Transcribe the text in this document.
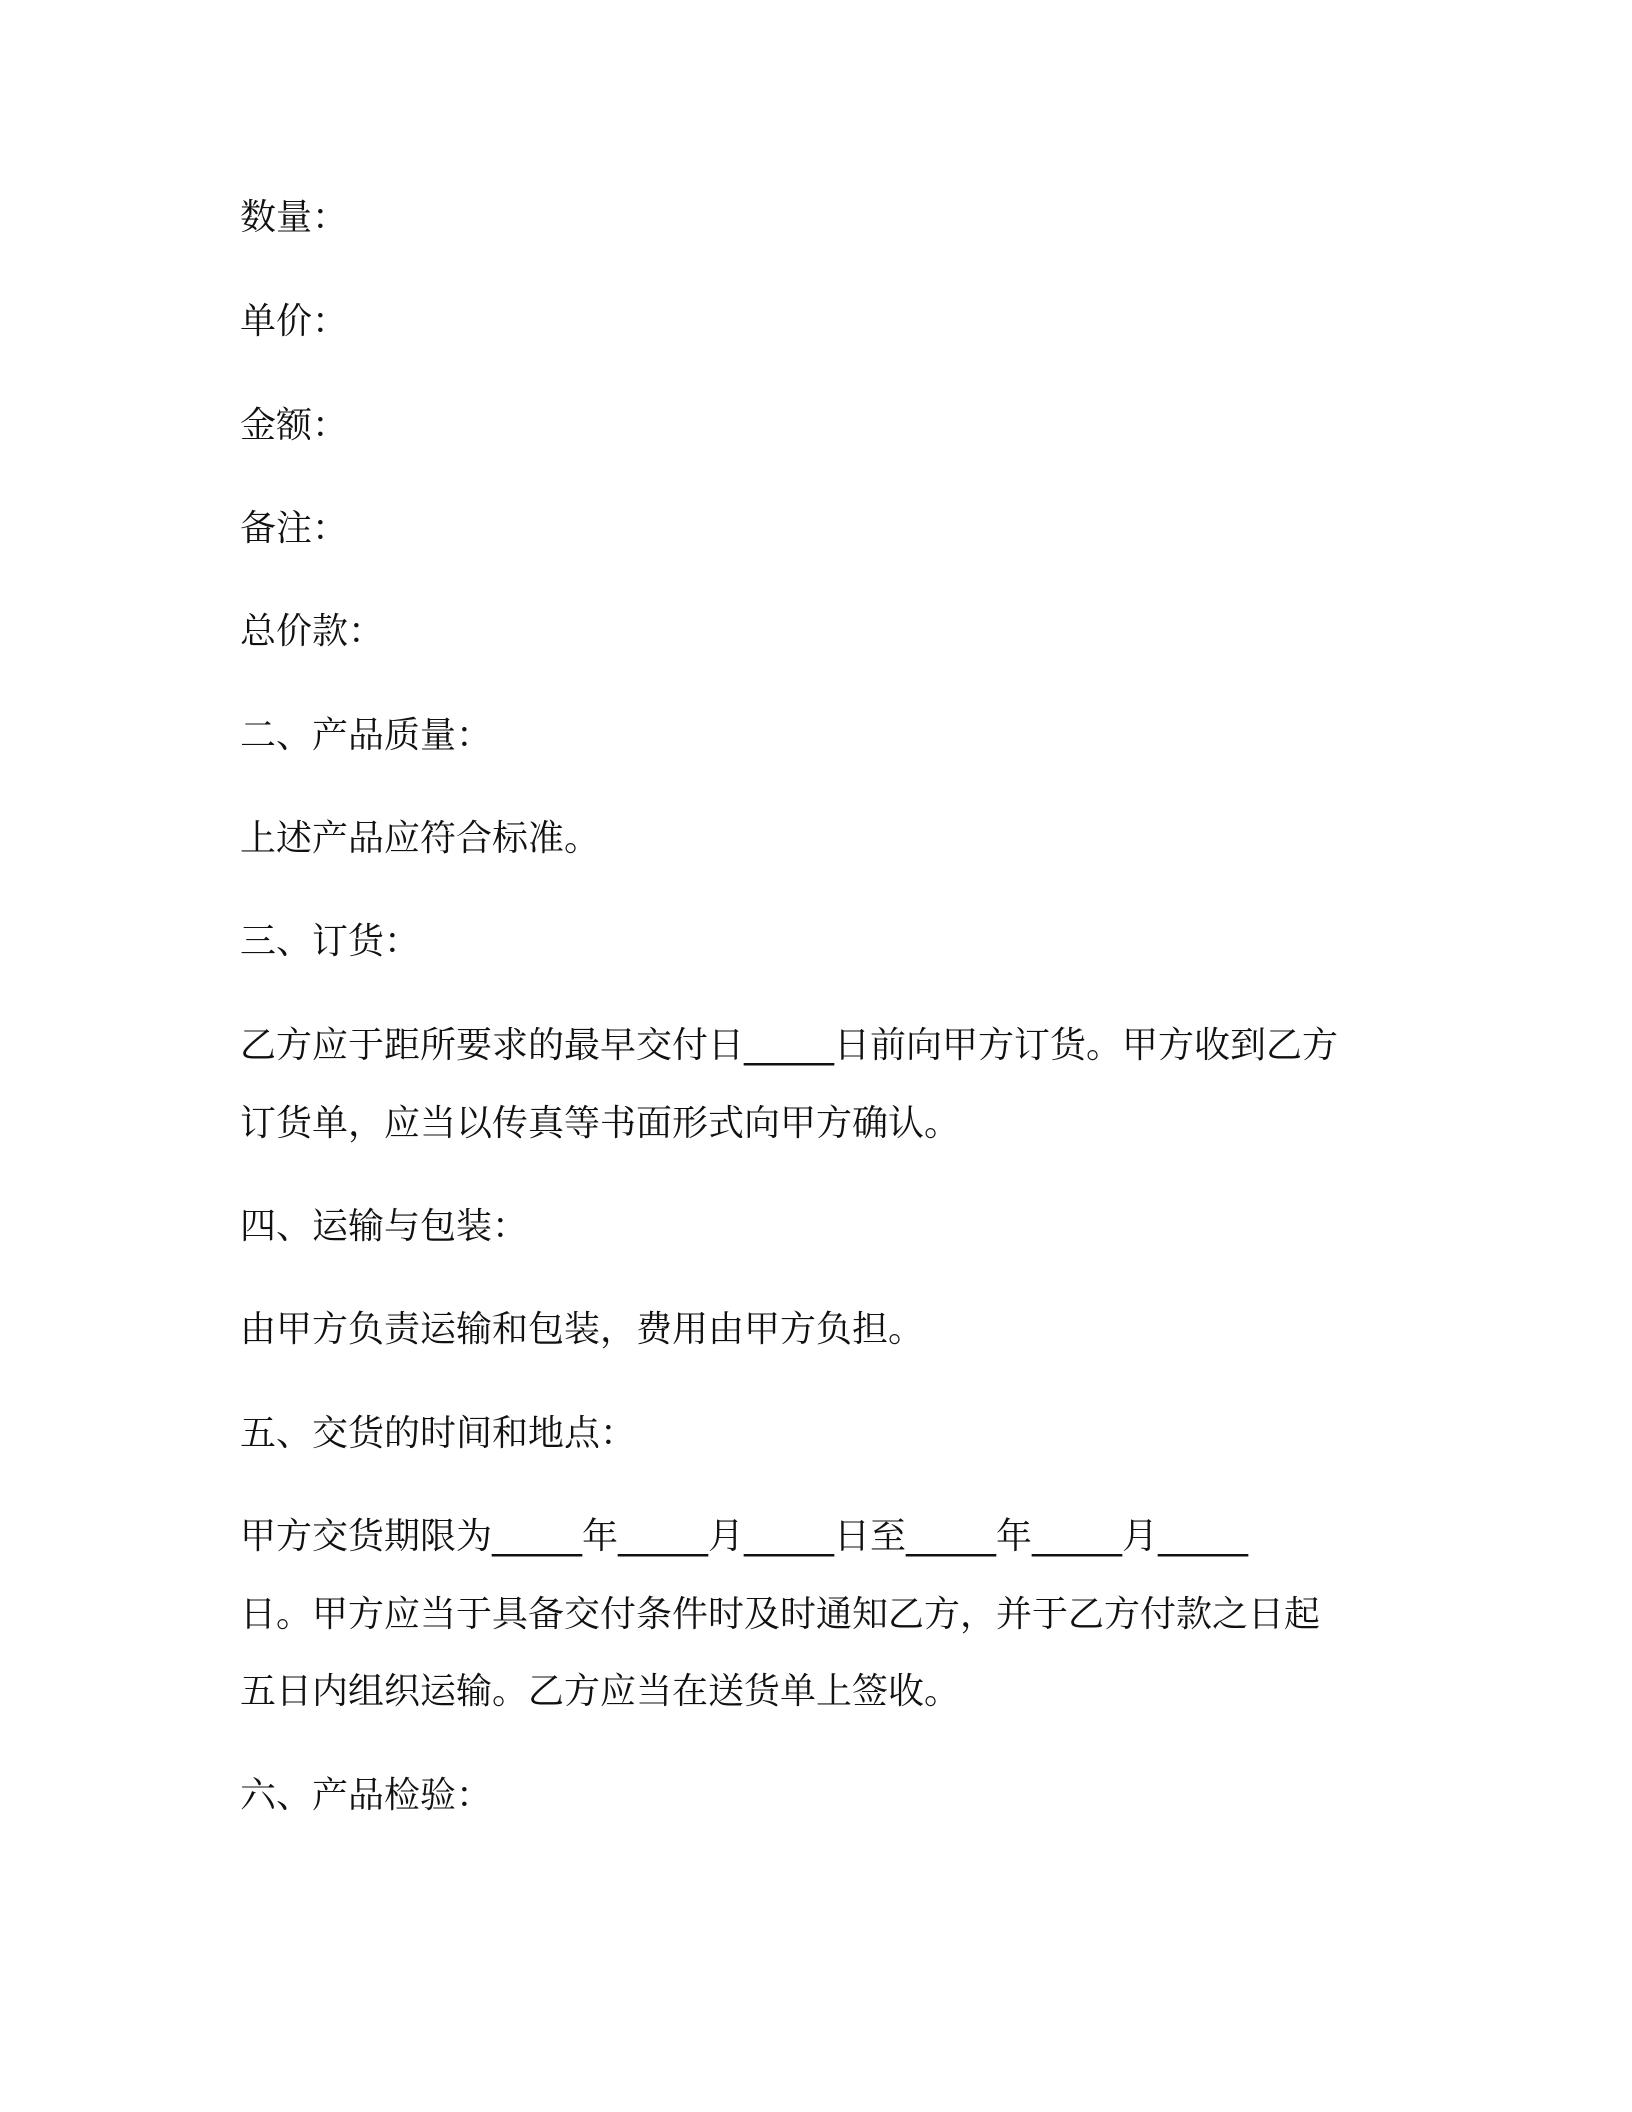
数量：
单价：
金额：
备注：
总价款：
二、产品质量：
上述产品应符合标准。
三、订货：
乙方应于距所要求的最早交付日_____日前向甲方订货。甲方收到乙方
订货单，应当以传真等书面形式向甲方确认。
四、运输与包装：
由甲方负责运输和包装，费用由甲方负担。
五、交货的时间和地点：
甲方交货期限为_____年_____月_____日至_____年_____月_____
日。甲方应当于具备交付条件时及时通知乙方，并于乙方付款之日起
五日内组织运输。乙方应当在送货单上签收。
六、产品检验：
